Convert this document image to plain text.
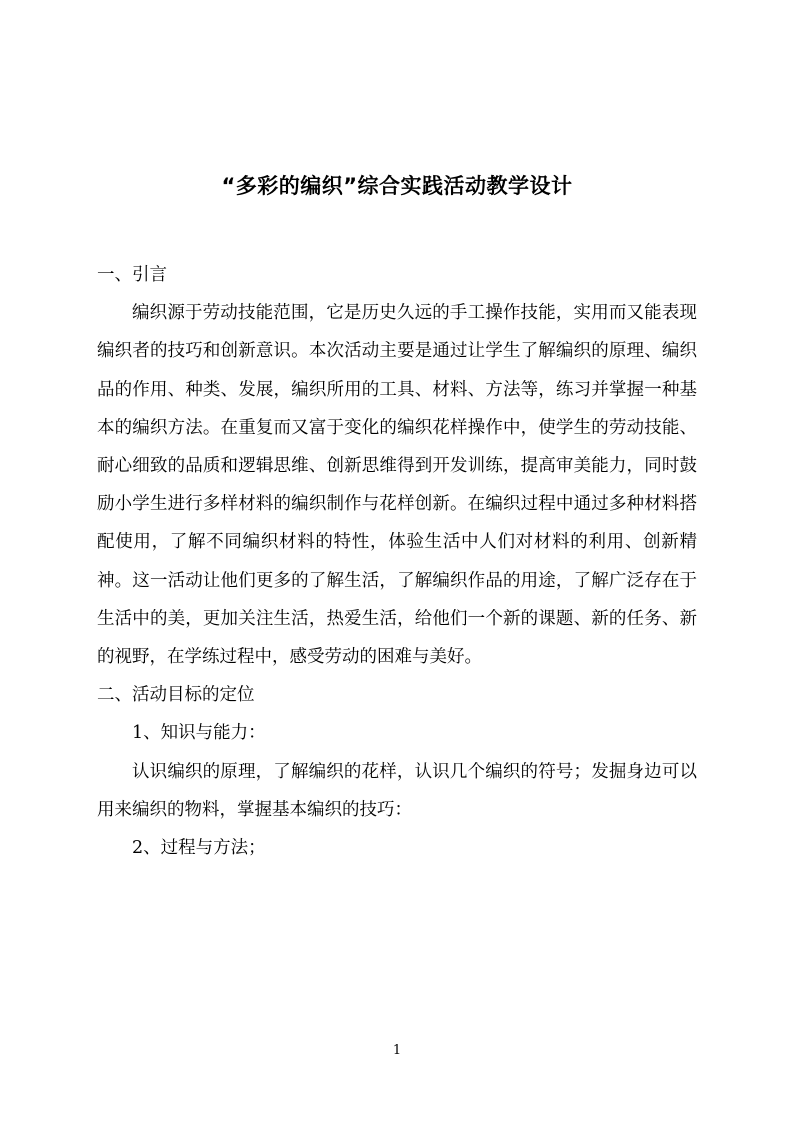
“多彩的编织”综合实践活动教学设计

一、引言

编织源于劳动技能范围，它是历史久远的手工操作技能，实用而又能表现编织者的技巧和创新意识。本次活动主要是通过让学生了解编织的原理、编织品的作用、种类、发展，编织所用的工具、材料、方法等，练习并掌握一种基本的编织方法。在重复而又富于变化的编织花样操作中，使学生的劳动技能、耐心细致的品质和逻辑思维、创新思维得到开发训练，提高审美能力，同时鼓励小学生进行多样材料的编织制作与花样创新。在编织过程中通过多种材料搭配使用，了解不同编织材料的特性，体验生活中人们对材料的利用、创新精神。这一活动让他们更多的了解生活，了解编织作品的用途，了解广泛存在于生活中的美，更加关注生活，热爱生活，给他们一个新的课题、新的任务、新的视野，在学练过程中，感受劳动的困难与美好。

二、活动目标的定位

1、知识与能力：

认识编织的原理，了解编织的花样，认识几个编织的符号；发掘身边可以用来编织的物料，掌握基本编织的技巧：

2、过程与方法；

1
